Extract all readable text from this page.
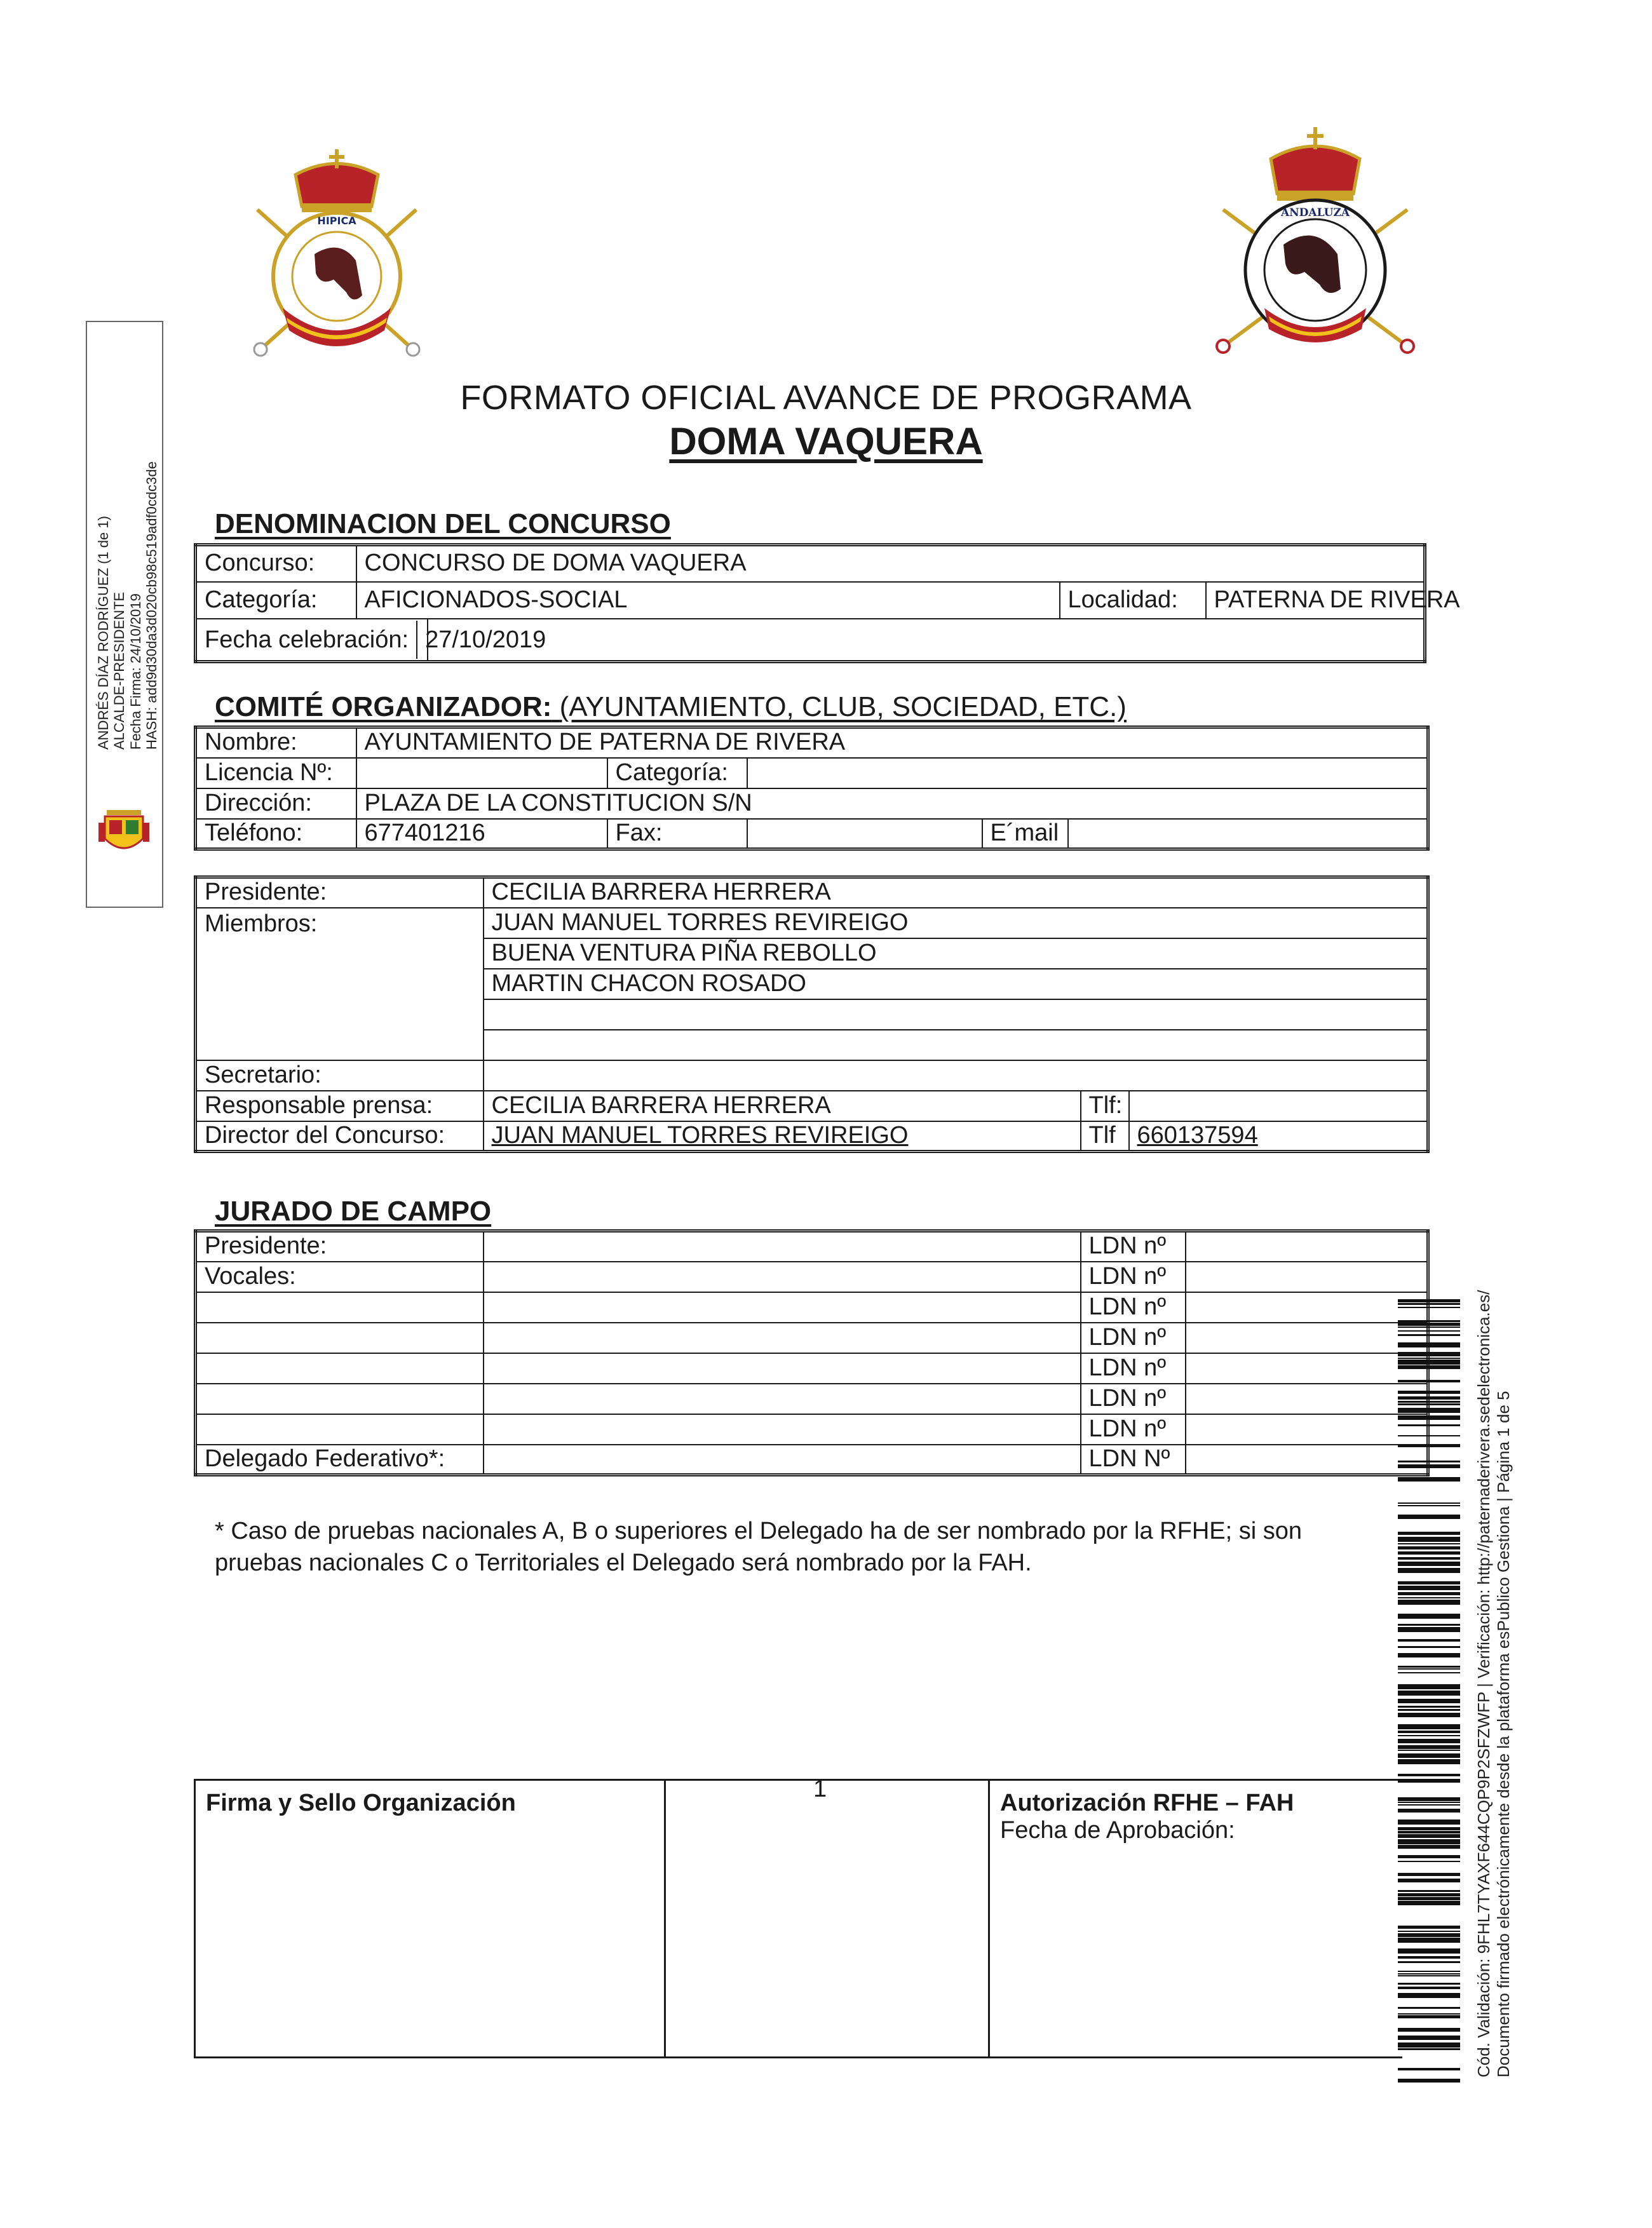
HIPICA
ANDALUZA
FORMATO OFICIAL AVANCE DE PROGRAMA
DOMA VAQUERA
DENOMINACION DEL CONCURSO
Concurso:	CONCURSO DE DOMA VAQUERA			
Categoría:	AFICIONADOS-SOCIAL		Localidad:	PATERNA DE RIVERA

Fecha celebración: 27/10/2019				

COMITÉ ORGANIZADOR: (AYUNTAMIENTO, CLUB, SOCIEDAD, ETC.)
Nombre:	AYUNTAMIENTO DE PATERNA DE RIVERA				
Licencia Nº:		Categoría:			
Dirección:	PLAZA DE LA CONSTITUCION S/N				
Teléfono:	677401216	Fax:		E´mail	
Presidente:	CECILIA BARRERA HERRERA		
Miembros:	JUAN MANUEL TORRES REVIREIGO		
	BUENA VENTURA PIÑA REBOLLO		
	MARTIN CHACON ROSADO		

Secretario:			
Responsable prensa:	CECILIA BARRERA HERRERA	Tlf:	
Director del Concurso:	JUAN MANUEL TORRES REVIREIGO	Tlf	660137594
JURADO DE CAMPO
Presidente:		LDN nº	
Vocales:		LDN nº	
		LDN nº	
		LDN nº	
		LDN nº	
		LDN nº	
		LDN nº	
Delegado Federativo*:		LDN Nº	
* Caso de pruebas nacionales A, B o superiores el Delegado ha de ser nombrado por la RFHE; si son pruebas nacionales C o Territoriales el Delegado será nombrado por la FAH.
Firma y Sello Organización		Autorización RFHE – FAH
Fecha de Aprobación:
1
ANDRÉS DÍAZ RODRÍGUEZ (1 de 1) ALCALDE-PRESIDENTE Fecha Firma: 24/10/2019 HASH: add9d30da3d020cb98c519adf0cdc3de
Cód. Validación: 9FHL7TYAXF644CQP9P2SFZWFP | Verificación: http://paternaderivera.sedelectronica.es/ Documento firmado electrónicamente desde la plataforma esPublico Gestiona | Página 1 de 5
